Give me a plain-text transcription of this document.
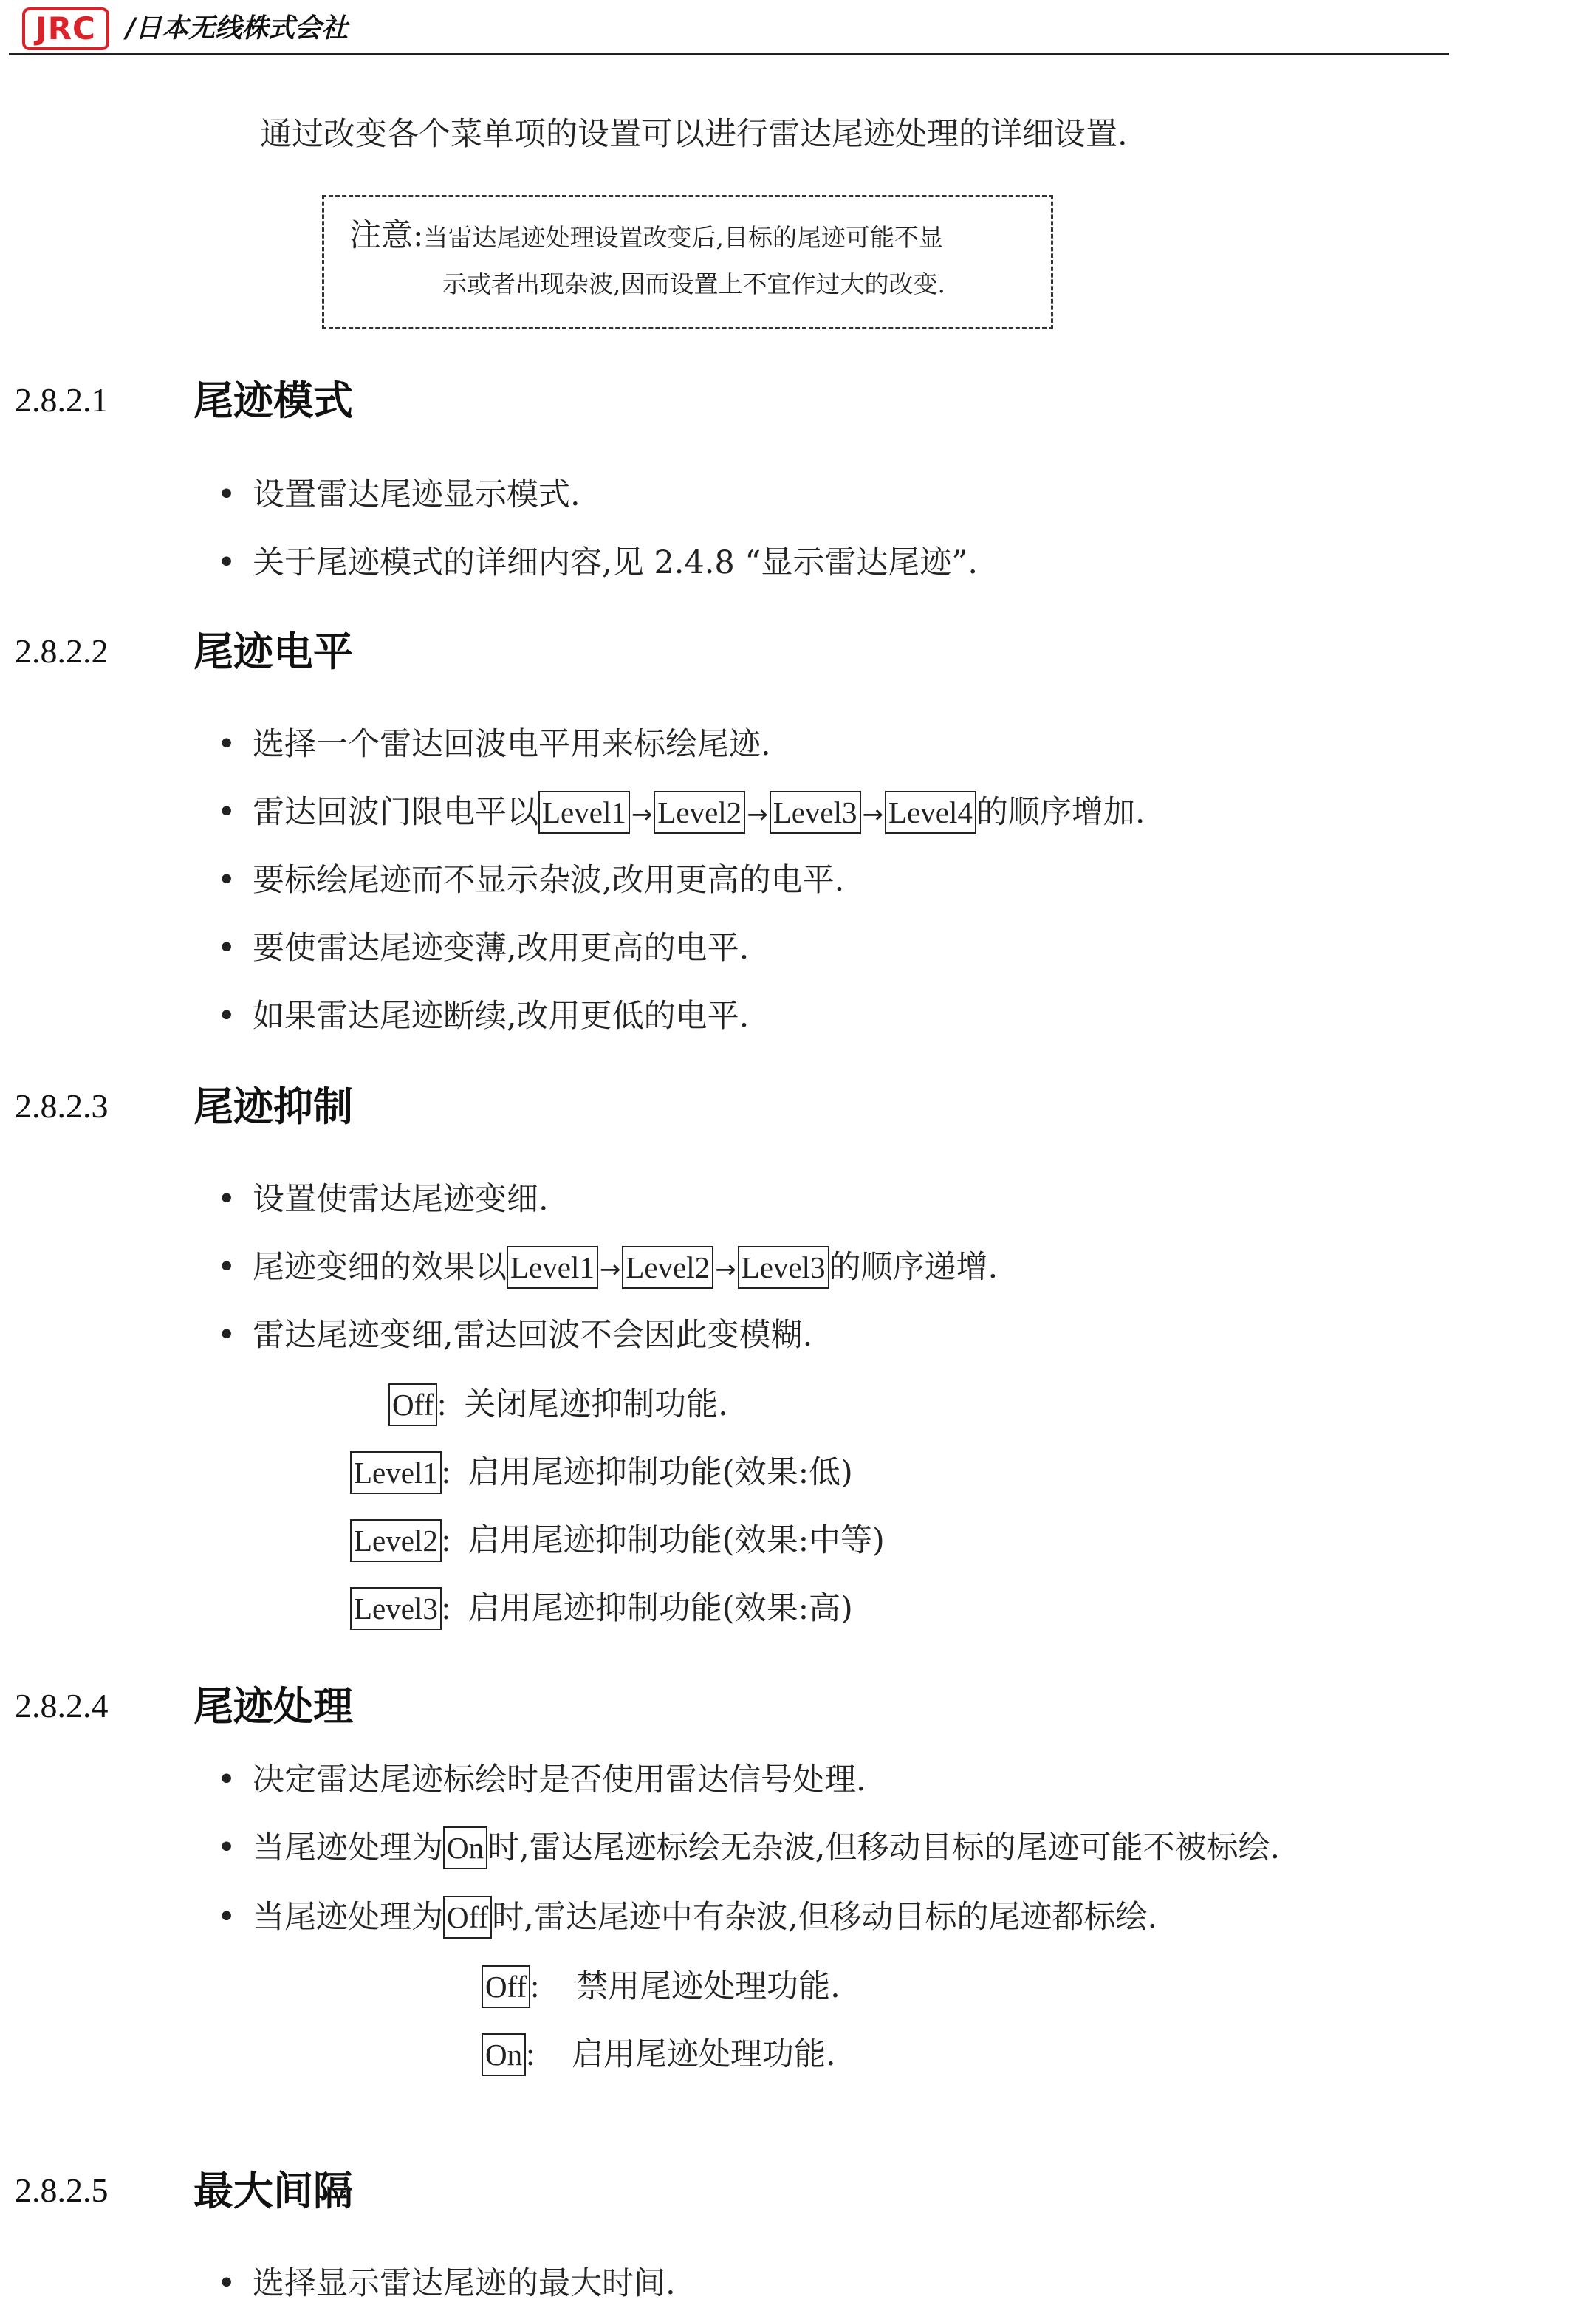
JRC	/日本无线株式会社
通过改变各个菜单项的设置可以进行雷达尾迹处理的详细设置.
注意:当雷达尾迹处理设置改变后,目标的尾迹可能不显
示或者出现杂波,因而设置上不宜作过大的改变.
2.8.2.1 尾迹模式
设置雷达尾迹显示模式.
关于尾迹模式的详细内容,见 2.4.8 “显示雷达尾迹”.
2.8.2.2 尾迹电平
选择一个雷达回波电平用来标绘尾迹.
雷达回波门限电平以 Level1 → Level2 → Level3 → Level4 的顺序增加.
要标绘尾迹而不显示杂波,改用更高的电平.
要使雷达尾迹变薄,改用更高的电平.
如果雷达尾迹断续,改用更低的电平.
2.8.2.3 尾迹抑制
设置使雷达尾迹变细.
尾迹变细的效果以 Level1 → Level2 → Level3 的顺序递增.
雷达尾迹变细,雷达回波不会因此变模糊.
Off : 关闭尾迹抑制功能.
Level1 : 启用尾迹抑制功能(效果:低)
Level2 : 启用尾迹抑制功能(效果:中等)
Level3 : 启用尾迹抑制功能(效果:高)
2.8.2.4 尾迹处理
决定雷达尾迹标绘时是否使用雷达信号处理.
当尾迹处理为 On 时,雷达尾迹标绘无杂波,但移动目标的尾迹可能不被标绘.
当尾迹处理为 Off 时,雷达尾迹中有杂波,但移动目标的尾迹都标绘.
Off : 禁用尾迹处理功能.
On : 启用尾迹处理功能.
2.8.2.5 最大间隔
选择显示雷达尾迹的最大时间.
